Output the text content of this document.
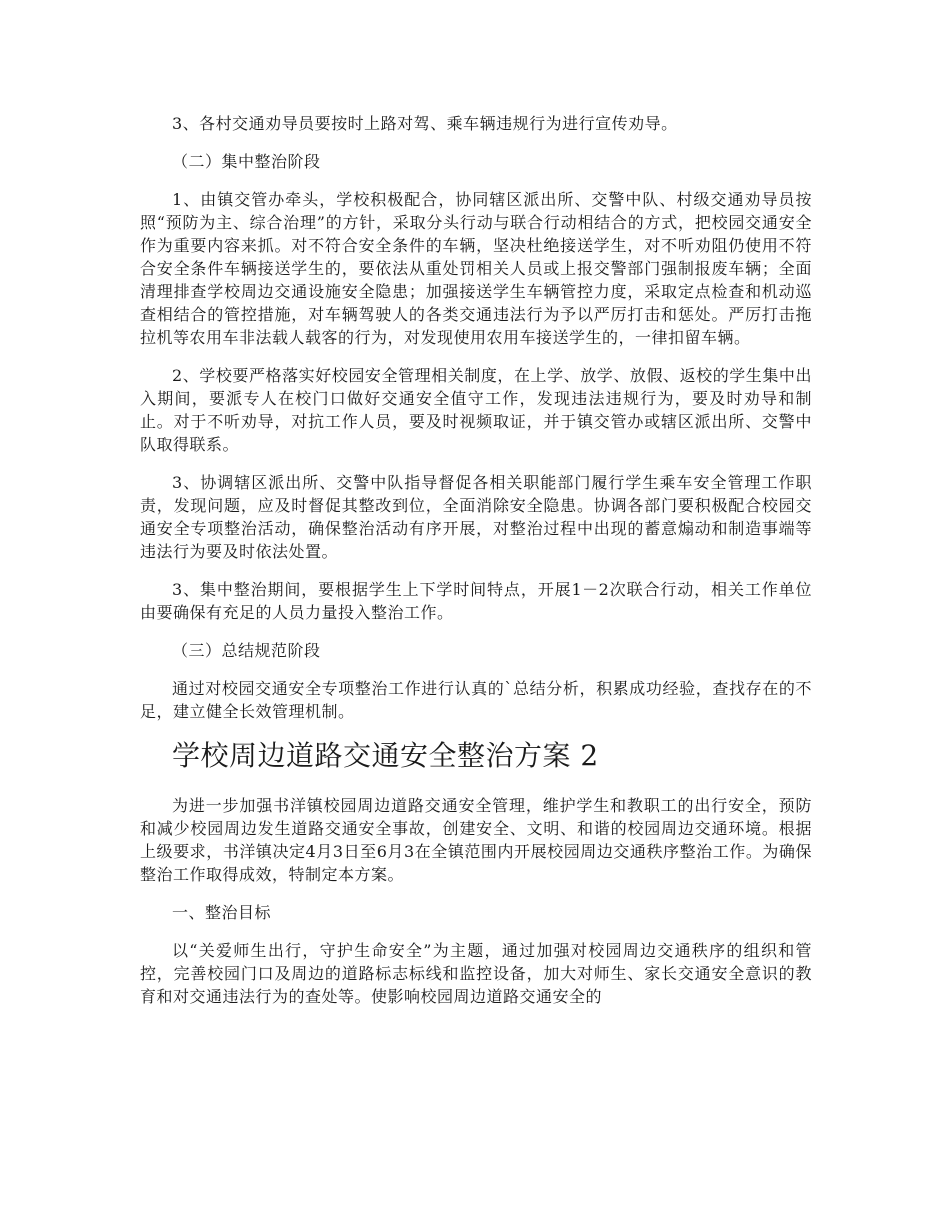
3、各村交通劝导员要按时上路对驾、乘车辆违规行为进行宣传劝导。

（二）集中整治阶段

1、由镇交管办牵头，学校积极配合，协同辖区派出所、交警中队、村级交通劝导员按照“预防为主、综合治理”的方针，采取分头行动与联合行动相结合的方式，把校园交通安全作为重要内容来抓。对不符合安全条件的车辆，坚决杜绝接送学生，对不听劝阻仍使用不符合安全条件车辆接送学生的，要依法从重处罚相关人员或上报交警部门强制报废车辆；全面清理排查学校周边交通设施安全隐患；加强接送学生车辆管控力度，采取定点检查和机动巡查相结合的管控措施，对车辆驾驶人的各类交通违法行为予以严厉打击和惩处。严厉打击拖拉机等农用车非法载人载客的行为，对发现使用农用车接送学生的，一律扣留车辆。

2、学校要严格落实好校园安全管理相关制度，在上学、放学、放假、返校的学生集中出入期间，要派专人在校门口做好交通安全值守工作，发现违法违规行为，要及时劝导和制止。对于不听劝导，对抗工作人员，要及时视频取证，并于镇交管办或辖区派出所、交警中队取得联系。

3、协调辖区派出所、交警中队指导督促各相关职能部门履行学生乘车安全管理工作职责，发现问题，应及时督促其整改到位，全面消除安全隐患。协调各部门要积极配合校园交通安全专项整治活动，确保整治活动有序开展，对整治过程中出现的蓄意煽动和制造事端等违法行为要及时依法处置。

3、集中整治期间，要根据学生上下学时间特点，开展1－2次联合行动，相关工作单位由要确保有充足的人员力量投入整治工作。

（三）总结规范阶段

通过对校园交通安全专项整治工作进行认真的`总结分析，积累成功经验，查找存在的不足，建立健全长效管理机制。

学校周边道路交通安全整治方案 2

为进一步加强书洋镇校园周边道路交通安全管理，维护学生和教职工的出行安全，预防和减少校园周边发生道路交通安全事故，创建安全、文明、和谐的校园周边交通环境。根据上级要求，书洋镇决定4月3日至6月3在全镇范围内开展校园周边交通秩序整治工作。为确保整治工作取得成效，特制定本方案。

一、整治目标

以“关爱师生出行，守护生命安全”为主题，通过加强对校园周边交通秩序的组织和管控，完善校园门口及周边的道路标志标线和监控设备，加大对师生、家长交通安全意识的教育和对交通违法行为的查处等。使影响校园周边道路交通安全的
